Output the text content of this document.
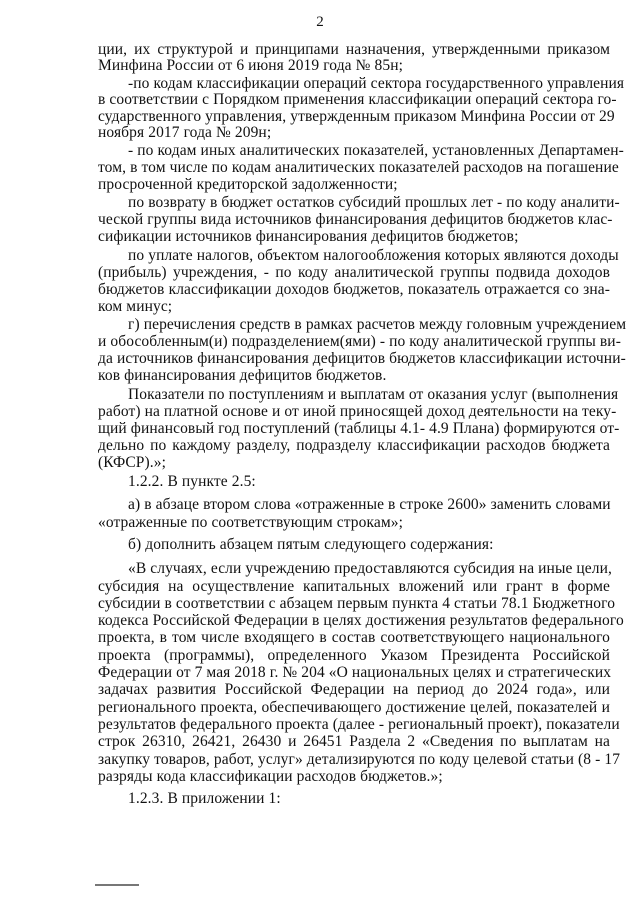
2
ции, их структурой и принципами назначения, утвержденными приказом
Минфина России от 6 июня 2019 года № 85н;
-по кодам классификации операций сектора государственного управления
в соответствии с Порядком применения классификации операций сектора го-
сударственного управления, утвержденным приказом Минфина России от 29
ноября 2017 года № 209н;
- по кодам иных аналитических показателей, установленных Департамен-
том, в том числе по кодам аналитических показателей расходов на погашение
просроченной кредиторской задолженности;
по возврату в бюджет остатков субсидий прошлых лет - по коду аналити-
ческой группы вида источников финансирования дефицитов бюджетов клас-
сификации источников финансирования дефицитов бюджетов;
по уплате налогов, объектом налогообложения которых являются доходы
(прибыль) учреждения, - по коду аналитической группы подвида доходов
бюджетов классификации доходов бюджетов, показатель отражается со зна-
ком минус;
г) перечисления средств в рамках расчетов между головным учреждением
и обособленным(и) подразделением(ями) - по коду аналитической группы ви-
да источников финансирования дефицитов бюджетов классификации источни-
ков финансирования дефицитов бюджетов.
Показатели по поступлениям и выплатам от оказания услуг (выполнения
работ) на платной основе и от иной приносящей доход деятельности на теку-
щий финансовый год поступлений (таблицы 4.1- 4.9 Плана) формируются от-
дельно по каждому разделу, подразделу классификации расходов бюджета
(КФСР).»;
1.2.2. В пункте 2.5:
а) в абзаце втором слова «отраженные в строке 2600» заменить словами
«отраженные по соответствующим строкам»;
б) дополнить абзацем пятым следующего содержания:
«В случаях, если учреждению предоставляются субсидия на иные цели,
субсидия на осуществление капитальных вложений или грант в форме
субсидии в соответствии с абзацем первым пункта 4 статьи 78.1 Бюджетного
кодекса Российской Федерации в целях достижения результатов федерального
проекта, в том числе входящего в состав соответствующего национального
проекта (программы), определенного Указом Президента Российской
Федерации от 7 мая 2018 г. № 204 «О национальных целях и стратегических
задачах развития Российской Федерации на период до 2024 года», или
регионального проекта, обеспечивающего достижение целей, показателей и
результатов федерального проекта (далее - региональный проект), показатели
строк 26310, 26421, 26430 и 26451 Раздела 2 «Сведения по выплатам на
закупку товаров, работ, услуг» детализируются по коду целевой статьи (8 - 17
разряды кода классификации расходов бюджетов.»;
1.2.3. В приложении 1:
